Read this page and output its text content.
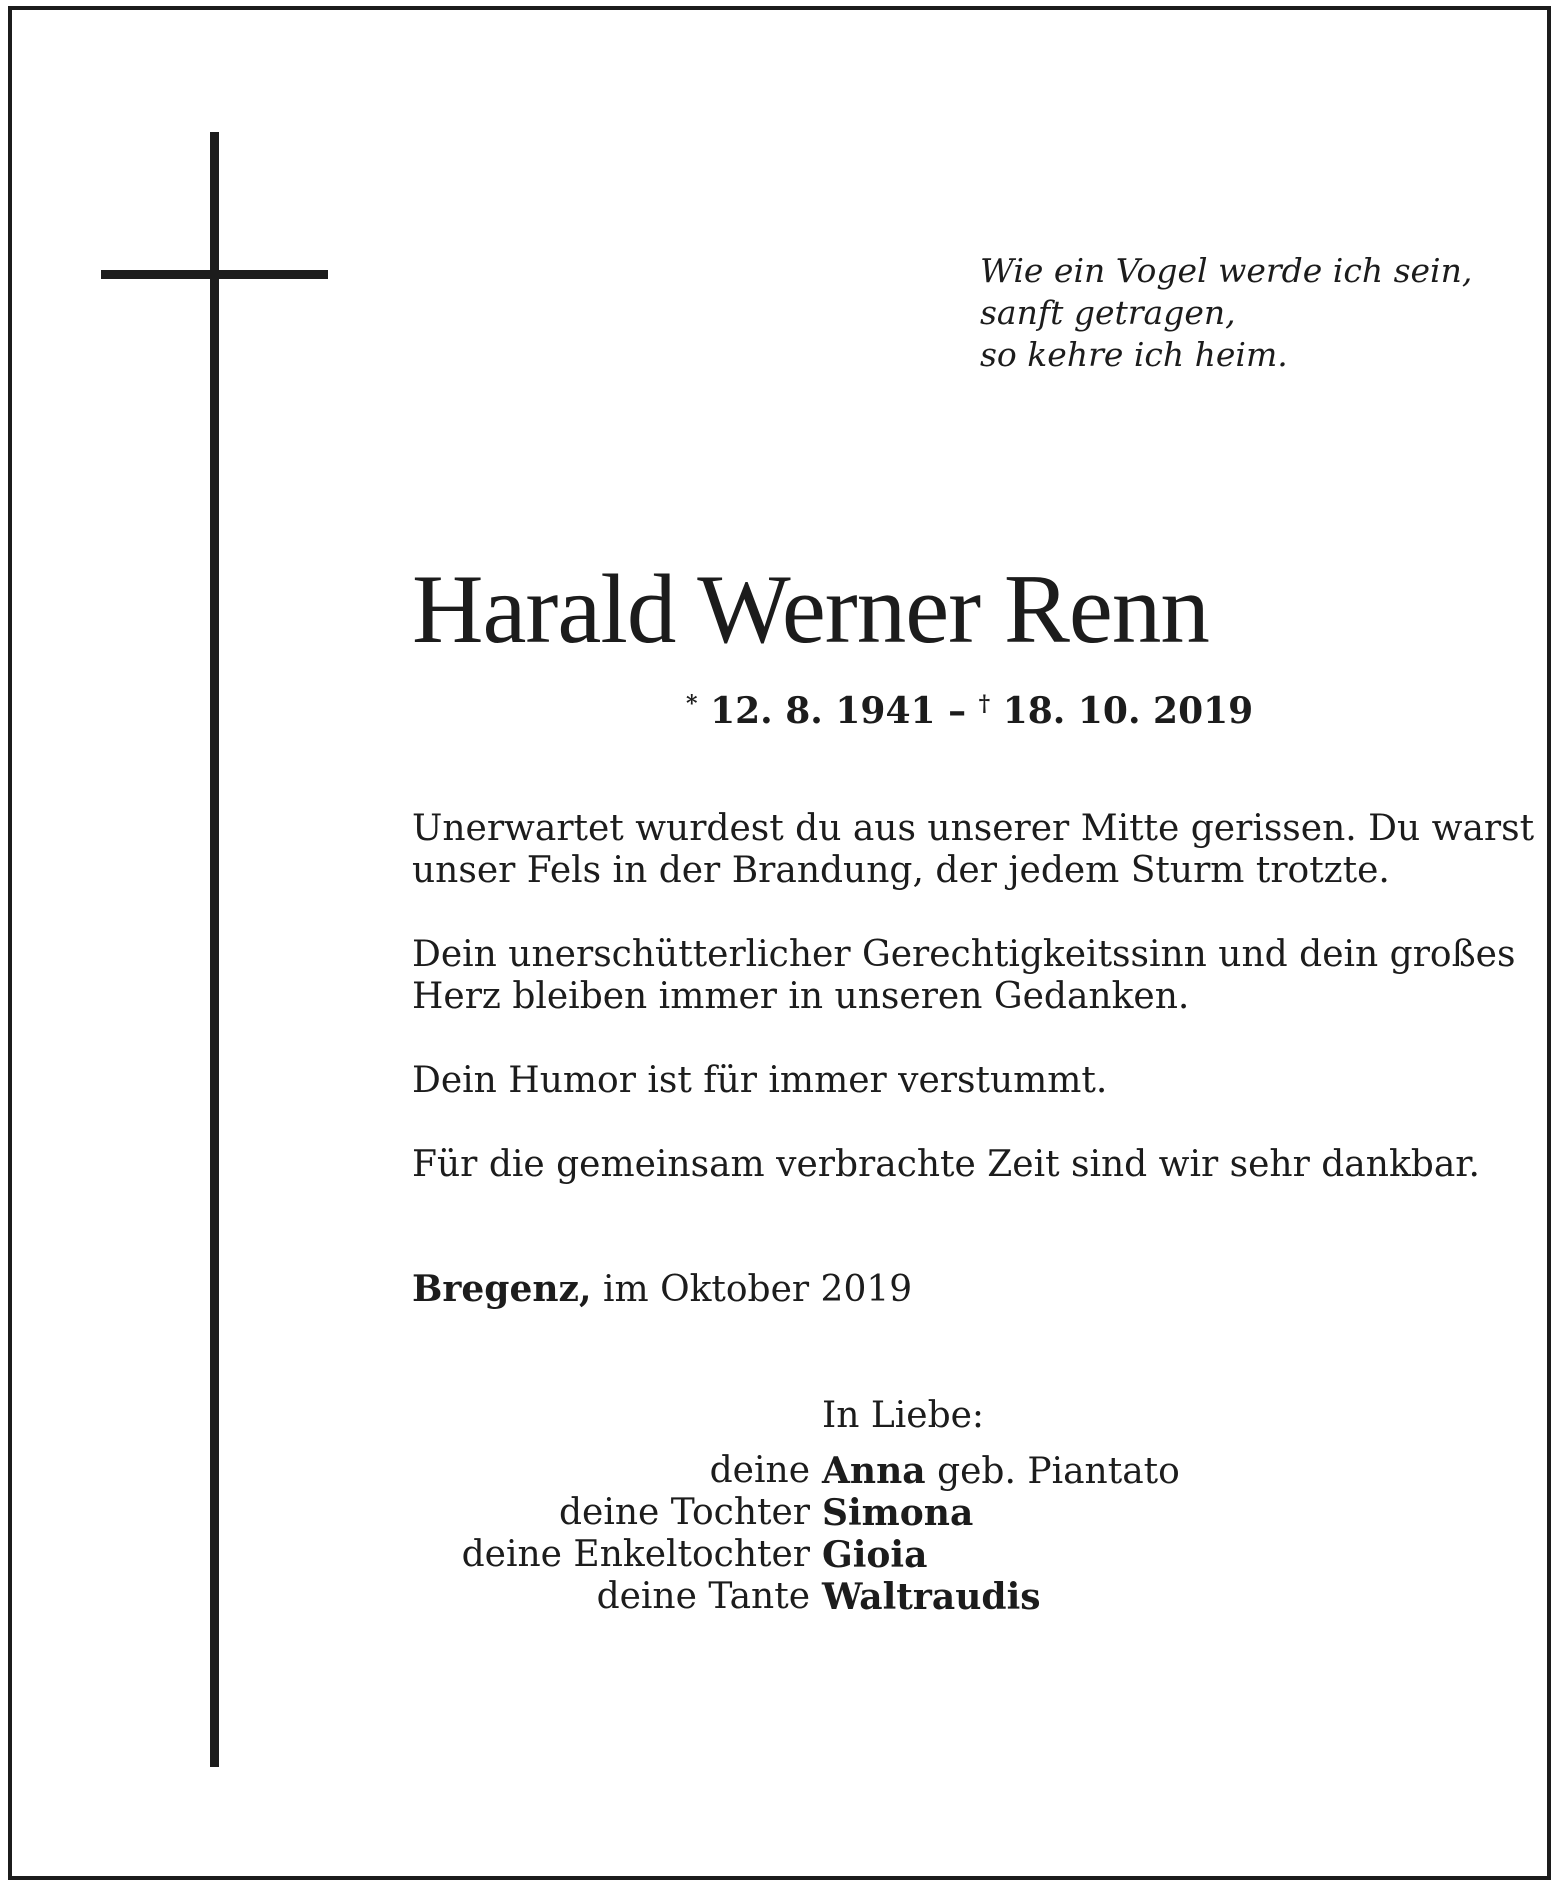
Wie ein Vogel werde ich sein,
sanft getragen,
so kehre ich heim.
Harald Werner Renn
* 12. 8. 1941 – † 18. 10. 2019

Unerwartet wurdest du aus unserer Mitte gerissen. Du warst

unser Fels in der Brandung, der jedem Sturm trotzte.

Dein unerschütterlicher Gerechtigkeitssinn und dein großes

Herz bleiben immer in unseren Gedanken.

Dein Humor ist für immer verstummt.

Für die gemeinsam verbrachte Zeit sind wir sehr dankbar.

Bregenz, im Oktober 2019
In Liebe:
deine Anna geb. Piantato
deine Tochter Simona
deine Enkeltochter Gioia
deine Tante Waltraudis
